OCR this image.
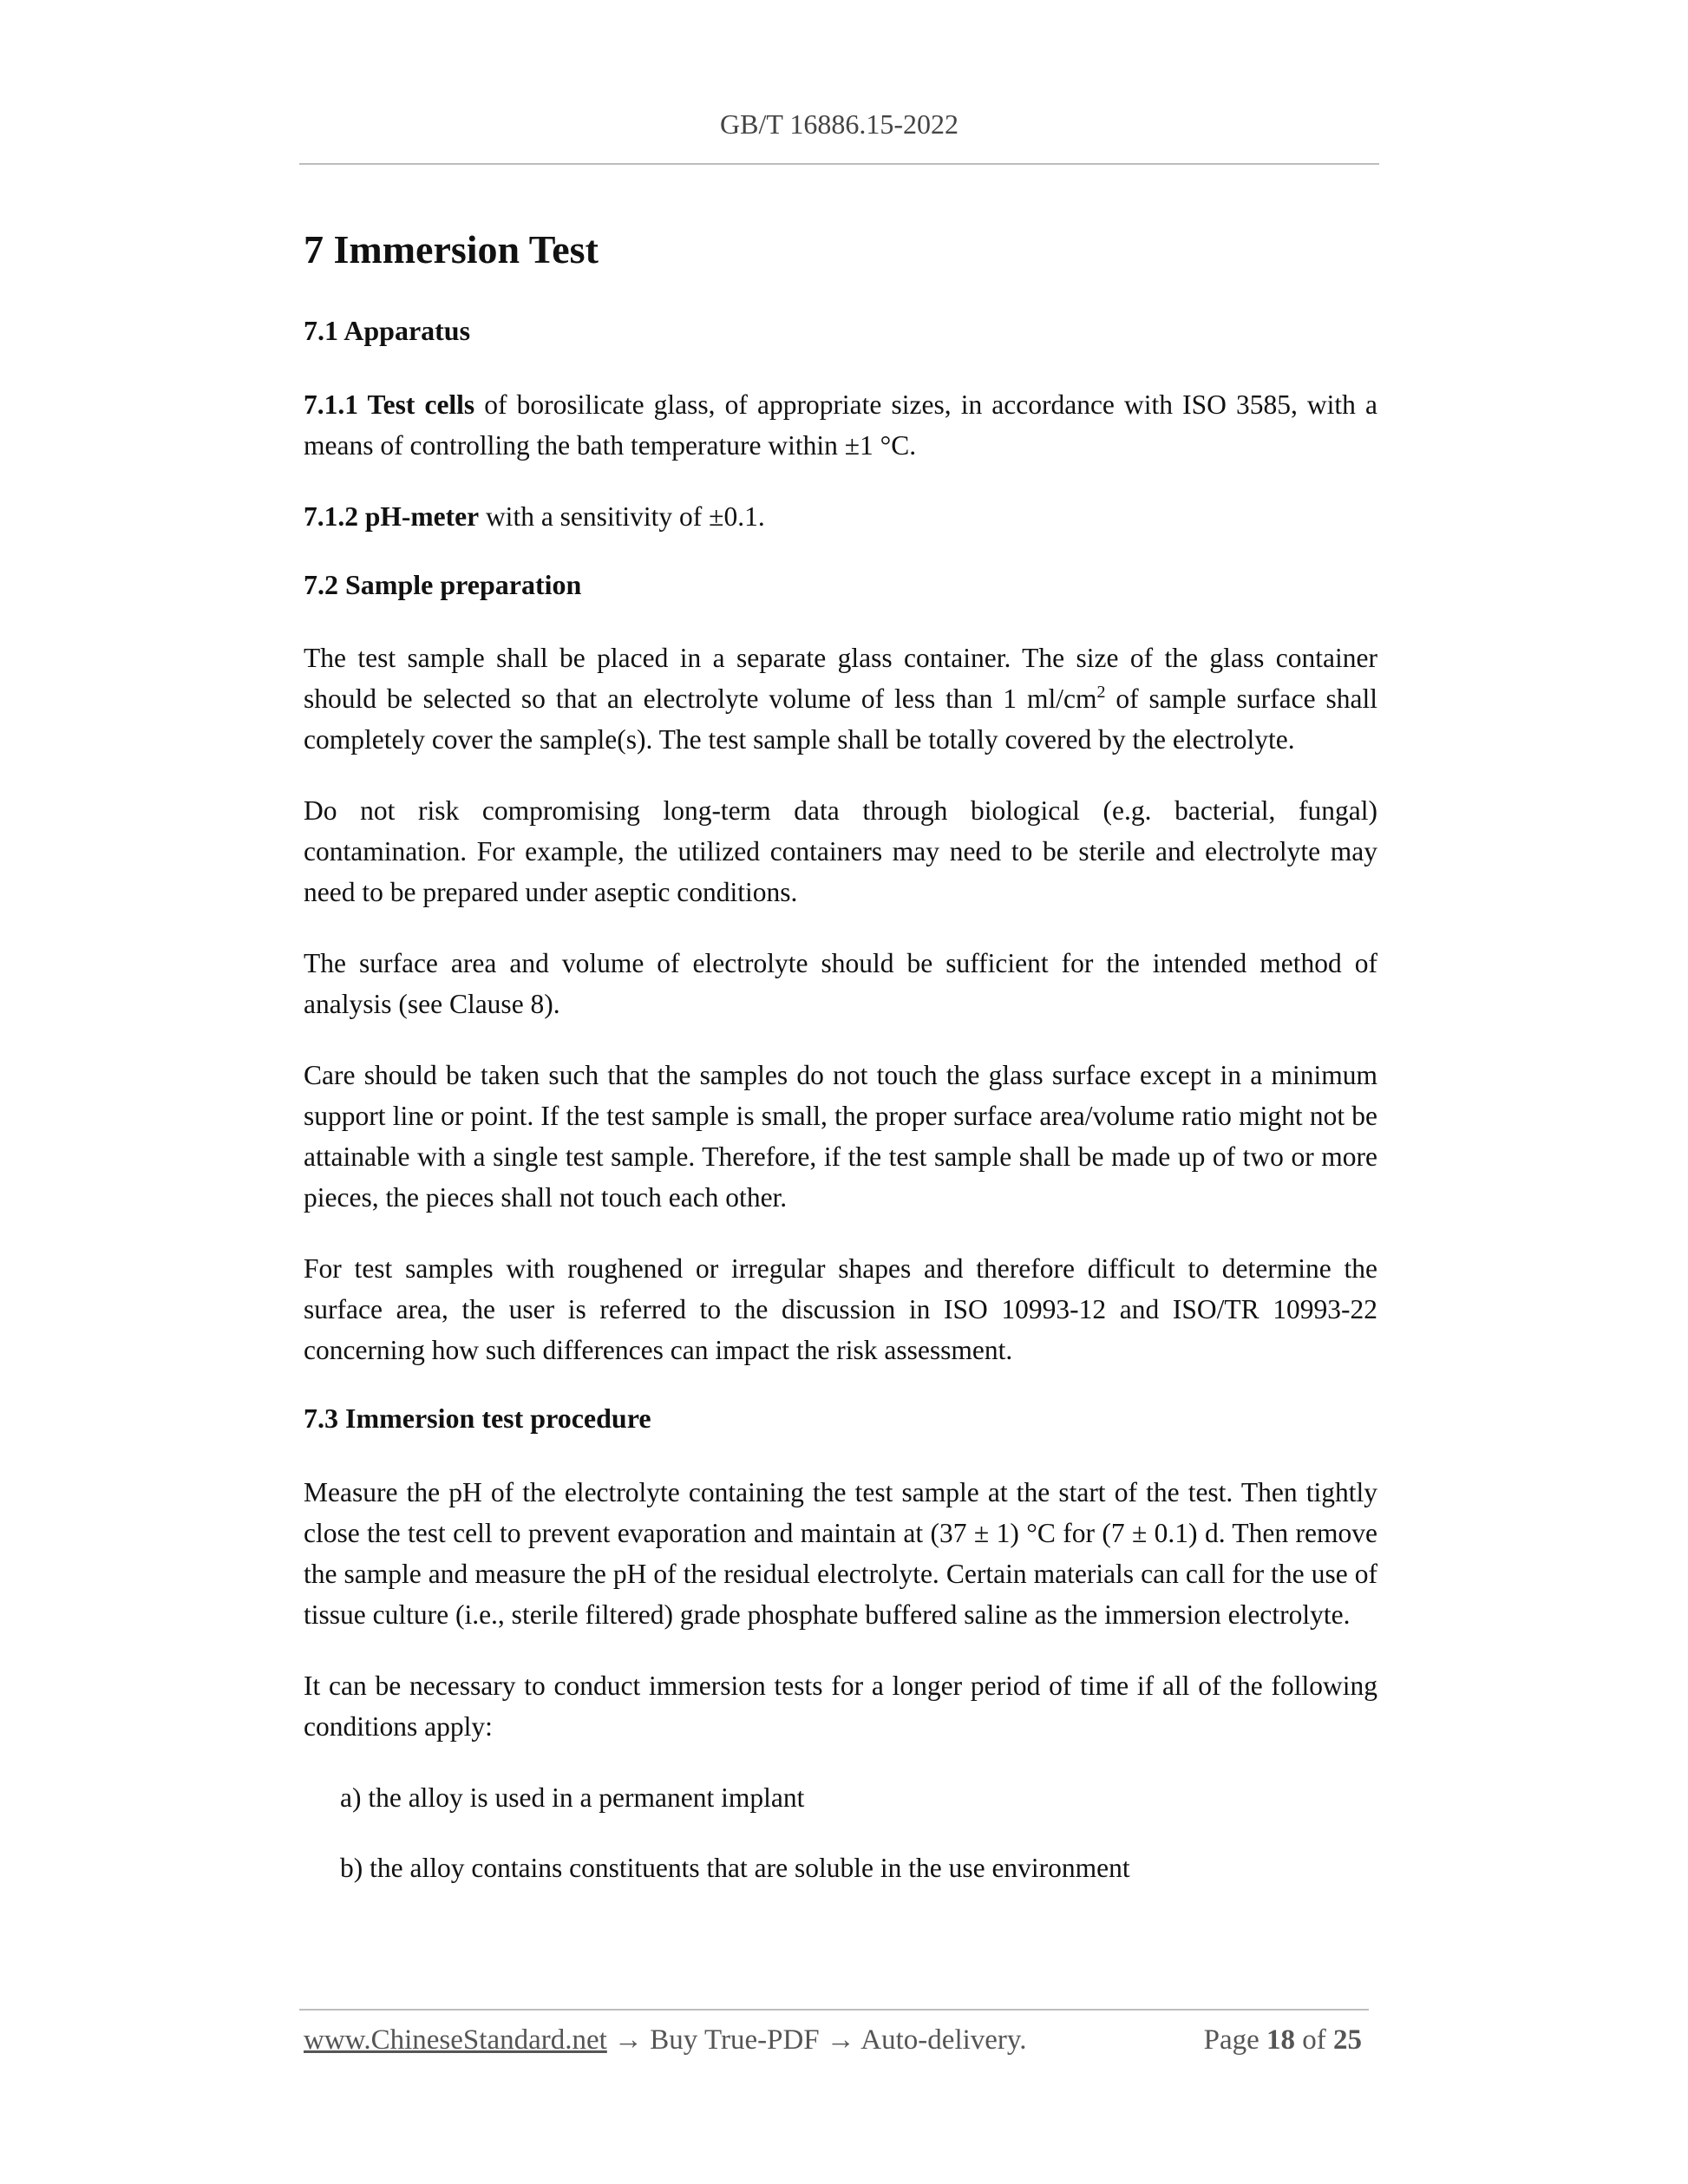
GB/T 16886.15-2022
7 Immersion Test
7.1 Apparatus

7.1.1 Test cells of borosilicate glass, of appropriate sizes, in accordance with ISO 3585, with a means of controlling the bath temperature within ±1 °C.

7.1.2 pH-meter with a sensitivity of ±0.1.

7.2 Sample preparation

The test sample shall be placed in a separate glass container. The size of the glass container should be selected so that an electrolyte volume of less than 1 $ml/cm^2$ of sample surface shall completely cover the sample(s). The test sample shall be totally covered by the electrolyte.

Do not risk compromising long-term data through biological (e.g. bacterial, fungal) contamination. For example, the utilized containers may need to be sterile and electrolyte may need to be prepared under aseptic conditions.

The surface area and volume of electrolyte should be sufficient for the intended method of analysis (see Clause 8).

Care should be taken such that the samples do not touch the glass surface except in a minimum support line or point. If the test sample is small, the proper surface area/volume ratio might not be attainable with a single test sample. Therefore, if the test sample shall be made up of two or more pieces, the pieces shall not touch each other.

For test samples with roughened or irregular shapes and therefore difficult to determine the surface area, the user is referred to the discussion in ISO 10993-12 and ISO/TR 10993-22 concerning how such differences can impact the risk assessment.

7.3 Immersion test procedure

Measure the pH of the electrolyte containing the test sample at the start of the test. Then tightly close the test cell to prevent evaporation and maintain at (37 ± 1) °C for (7 ± 0.1) d. Then remove the sample and measure the pH of the residual electrolyte. Certain materials can call for the use of tissue culture (i.e., sterile filtered) grade phosphate buffered saline as the immersion electrolyte.

It can be necessary to conduct immersion tests for a longer period of time if all of the following conditions apply:

a) the alloy is used in a permanent implant

b) the alloy contains constituents that are soluble in the use environment

www.ChineseStandard.net → Buy True-PDF → Auto-delivery.	Page 18 of 25
